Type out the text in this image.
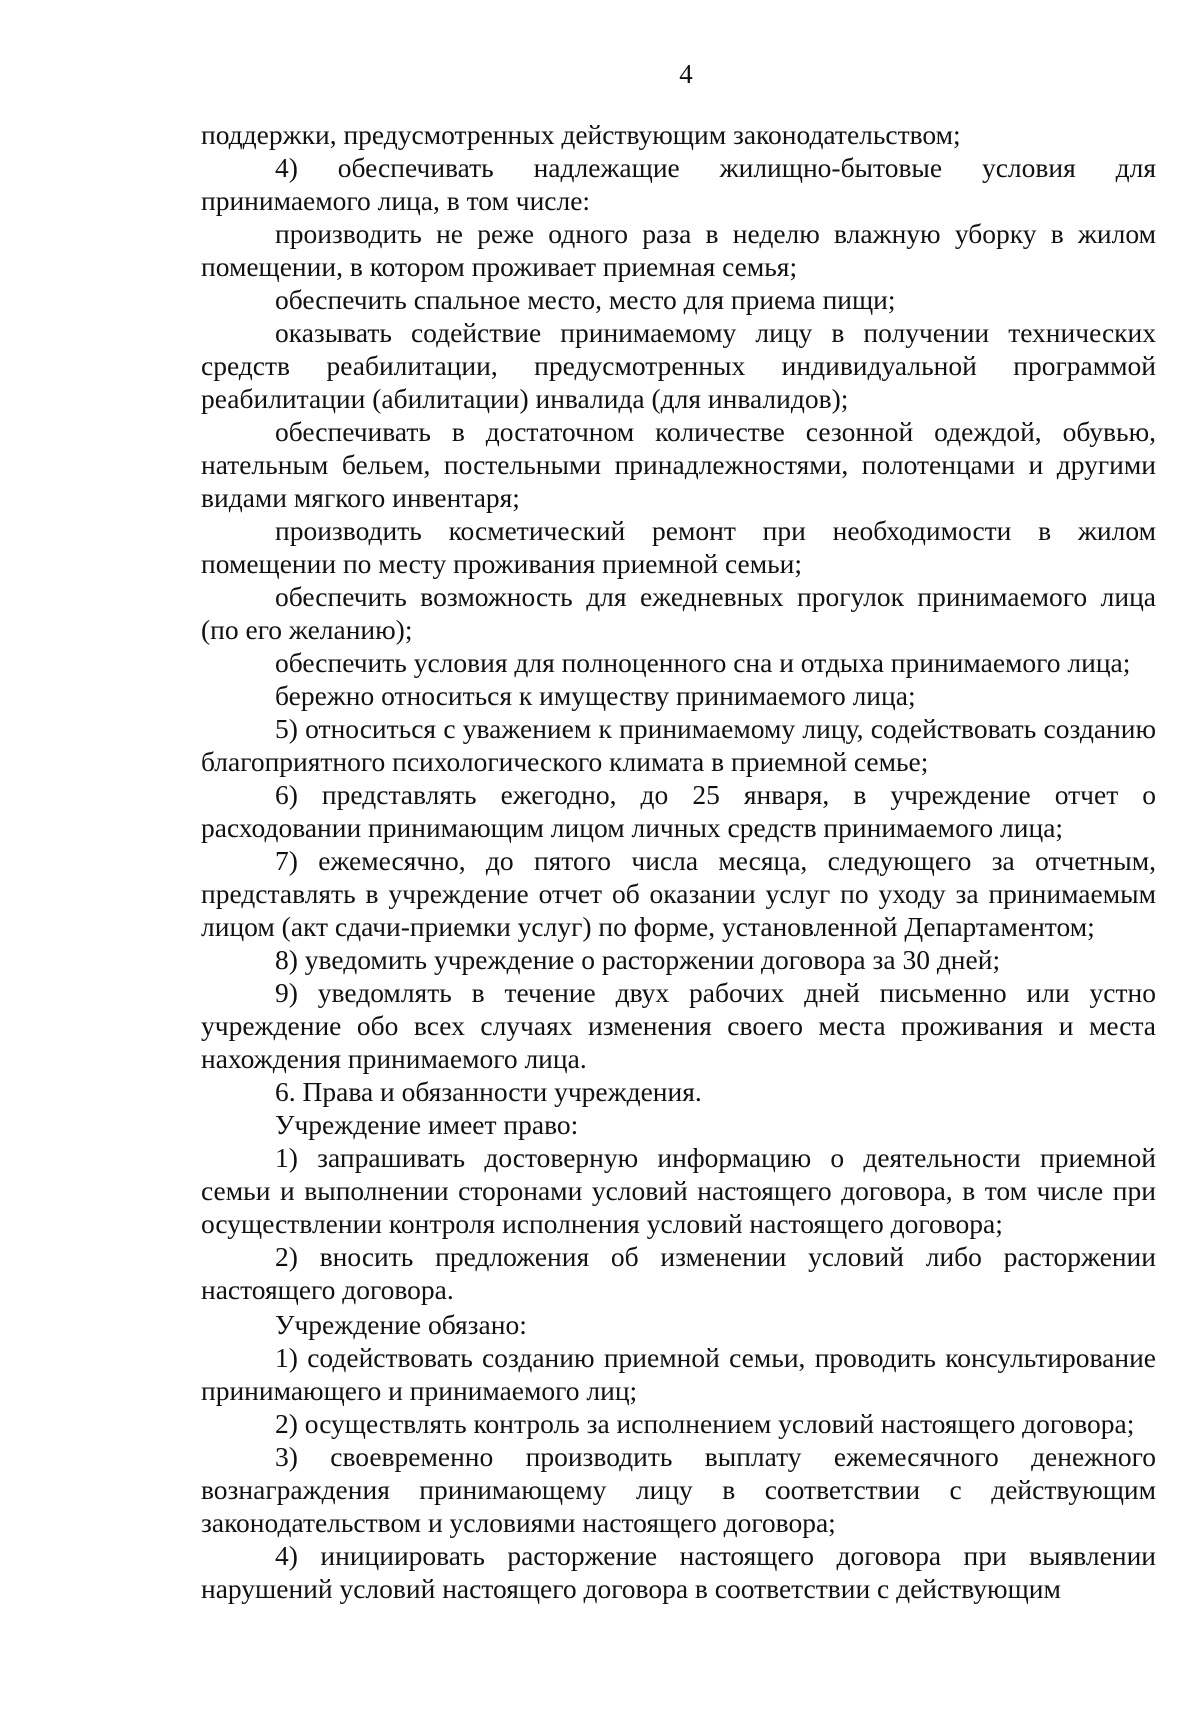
4

поддержки, предусмотренных действующим законодательством;

4) обеспечивать надлежащие жилищно-бытовые условия для принимаемого лица, в том числе:

производить не реже одного раза в неделю влажную уборку в жилом помещении, в котором проживает приемная семья;

обеспечить спальное место, место для приема пищи;

оказывать содействие принимаемому лицу в получении технических средств реабилитации, предусмотренных индивидуальной программой реабилитации (абилитации) инвалида (для инвалидов);

обеспечивать в достаточном количестве сезонной одеждой, обувью, нательным бельем, постельными принадлежностями, полотенцами и другими видами мягкого инвентаря;

производить косметический ремонт при необходимости в жилом помещении по месту проживания приемной семьи;

обеспечить возможность для ежедневных прогулок принимаемого лица (по его желанию);

обеспечить условия для полноценного сна и отдыха принимаемого лица;

бережно относиться к имуществу принимаемого лица;

5) относиться с уважением к принимаемому лицу, содействовать созданию благоприятного психологического климата в приемной семье;

6) представлять ежегодно, до 25 января, в учреждение отчет о расходовании принимающим лицом личных средств принимаемого лица;

7) ежемесячно, до пятого числа месяца, следующего за отчетным, представлять в учреждение отчет об оказании услуг по уходу за принимаемым лицом (акт сдачи-приемки услуг) по форме, установленной Департаментом;

8) уведомить учреждение о расторжении договора за 30 дней;

9) уведомлять в течение двух рабочих дней письменно или устно учреждение обо всех случаях изменения своего места проживания и места нахождения принимаемого лица.

6. Права и обязанности учреждения.

Учреждение имеет право:

1) запрашивать достоверную информацию о деятельности приемной семьи и выполнении сторонами условий настоящего договора, в том числе при осуществлении контроля исполнения условий настоящего договора;

2) вносить предложения об изменении условий либо расторжении настоящего договора.

Учреждение обязано:

1) содействовать созданию приемной семьи, проводить консультирование принимающего и принимаемого лиц;

2) осуществлять контроль за исполнением условий настоящего договора;

3) своевременно производить выплату ежемесячного денежного вознаграждения принимающему лицу в соответствии с действующим законодательством и условиями настоящего договора;

4) инициировать расторжение настоящего договора при выявлении нарушений условий настоящего договора в соответствии с действующим
